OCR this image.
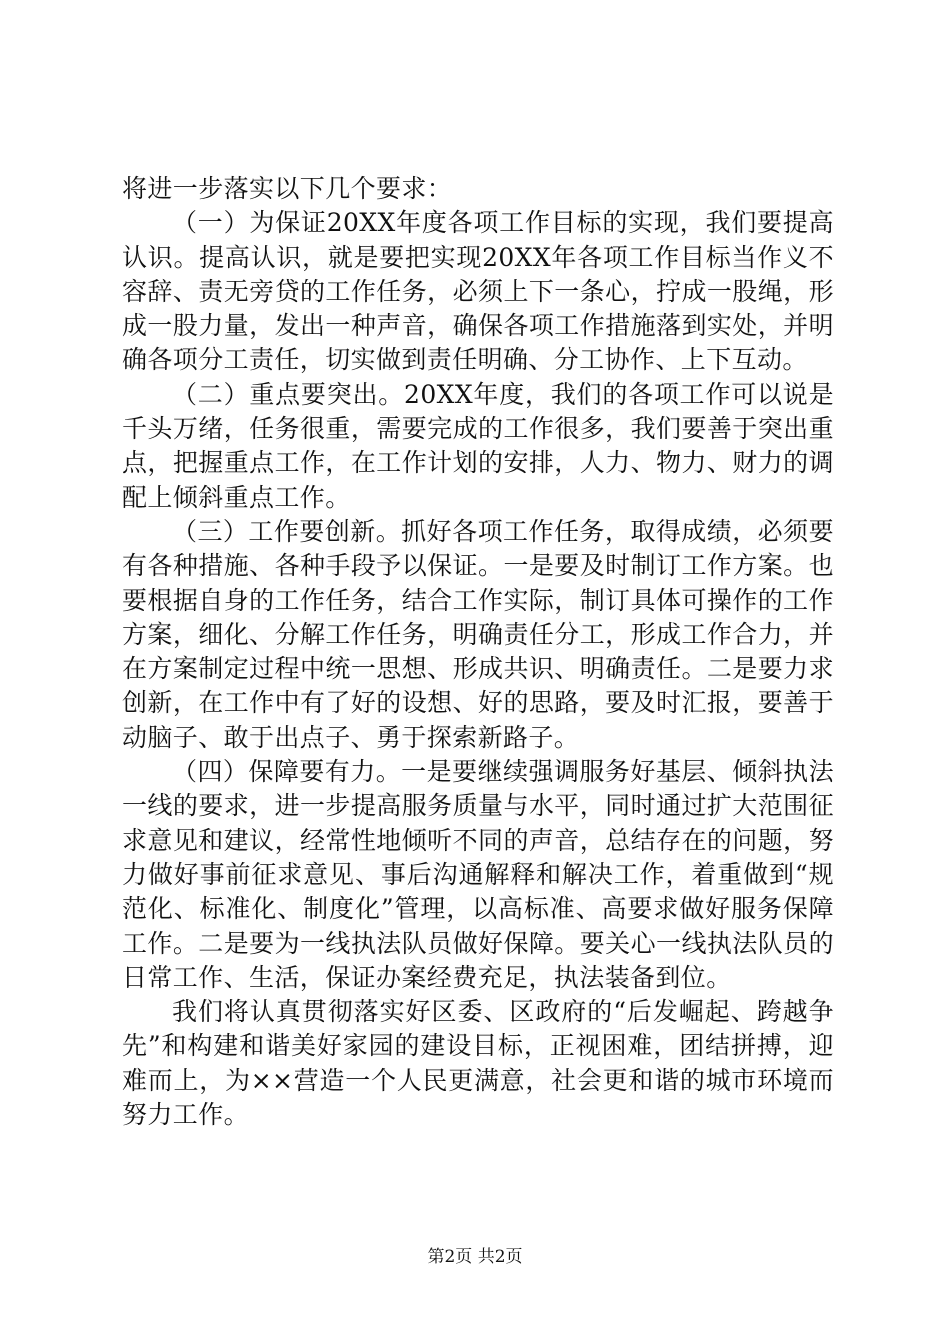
将进一步落实以下几个要求：

（一）为保证20XX年度各项工作目标的实现，我们要提高认识。提高认识，就是要把实现20XX年各项工作目标当作义不容辞、责无旁贷的工作任务，必须上下一条心，拧成一股绳，形成一股力量，发出一种声音，确保各项工作措施落到实处，并明确各项分工责任，切实做到责任明确、分工协作、上下互动。

（二）重点要突出。20XX年度，我们的各项工作可以说是千头万绪，任务很重，需要完成的工作很多，我们要善于突出重点，把握重点工作，在工作计划的安排，人力、物力、财力的调配上倾斜重点工作。

（三）工作要创新。抓好各项工作任务，取得成绩，必须要有各种措施、各种手段予以保证。一是要及时制订工作方案。也要根据自身的工作任务，结合工作实际，制订具体可操作的工作方案，细化、分解工作任务，明确责任分工，形成工作合力，并在方案制定过程中统一思想、形成共识、明确责任。二是要力求创新，在工作中有了好的设想、好的思路，要及时汇报，要善于动脑子、敢于出点子、勇于探索新路子。

（四）保障要有力。一是要继续强调服务好基层、倾斜执法一线的要求，进一步提高服务质量与水平，同时通过扩大范围征求意见和建议，经常性地倾听不同的声音，总结存在的问题，努力做好事前征求意见、事后沟通解释和解决工作，着重做到“规范化、标准化、制度化”管理，以高标准、高要求做好服务保障工作。二是要为一线执法队员做好保障。要关心一线执法队员的日常工作、生活，保证办案经费充足，执法装备到位。

我们将认真贯彻落实好区委、区政府的“后发崛起、跨越争先”和构建和谐美好家园的建设目标，正视困难，团结拼搏，迎难而上，为××营造一个人民更满意，社会更和谐的城市环境而努力工作。

第2页 共2页
